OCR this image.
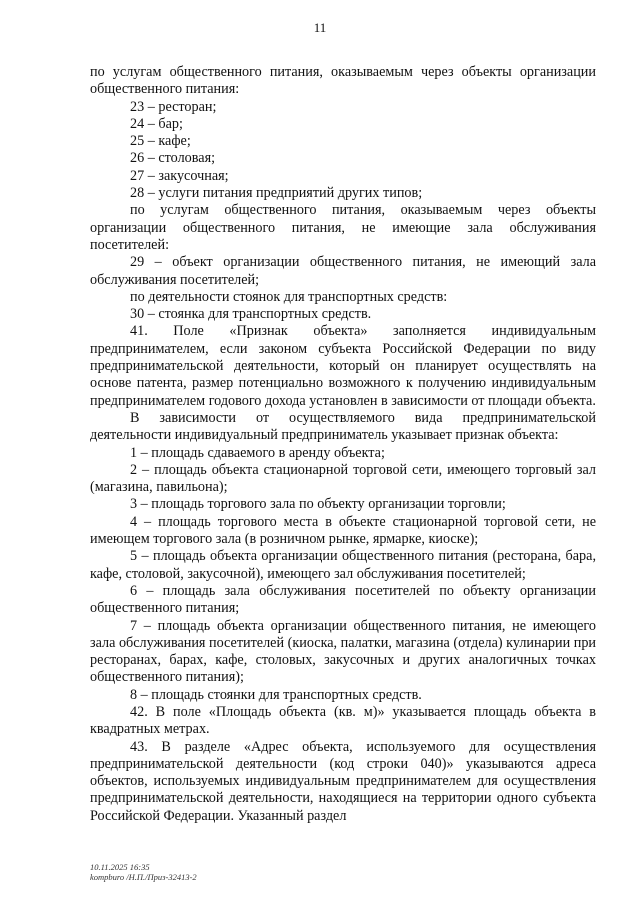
11

по услугам общественного питания, оказываемым через объекты организации общественного питания:

23 – ресторан;

24 – бар;

25 – кафе;

26 – столовая;

27 – закусочная;

28 – услуги питания предприятий других типов;

по услугам общественного питания, оказываемым через объекты организации общественного питания, не имеющие зала обслуживания посетителей:

29 – объект организации общественного питания, не имеющий зала обслуживания посетителей;

по деятельности стоянок для транспортных средств:

30 – стоянка для транспортных средств.

41. Поле «Признак объекта» заполняется индивидуальным предпринимателем, если законом субъекта Российской Федерации по виду предпринимательской деятельности, который он планирует осуществлять на основе патента, размер потенциально возможного к получению индивидуальным предпринимателем годового дохода установлен в зависимости от площади объекта.

В зависимости от осуществляемого вида предпринимательской деятельности индивидуальный предприниматель указывает признак объекта:

1 – площадь сдаваемого в аренду объекта;

2 – площадь объекта стационарной торговой сети, имеющего торговый зал (магазина, павильона);

3 – площадь торгового зала по объекту организации торговли;

4 – площадь торгового места в объекте стационарной торговой сети, не имеющем торгового зала (в розничном рынке, ярмарке, киоске);

5 – площадь объекта организации общественного питания (ресторана, бара, кафе, столовой, закусочной), имеющего зал обслуживания посетителей;

6 – площадь зала обслуживания посетителей по объекту организации общественного питания;

7 – площадь объекта организации общественного питания, не имеющего зала обслуживания посетителей (киоска, палатки, магазина (отдела) кулинарии при ресторанах, барах, кафе, столовых, закусочных и других аналогичных точках общественного питания);

8 – площадь стоянки для транспортных средств.

42. В поле «Площадь объекта (кв. м)» указывается площадь объекта в квадратных метрах.

43. В разделе «Адрес объекта, используемого для осуществления предпринимательской деятельности (код строки 040)» указываются адреса объектов, используемых индивидуальным предпринимателем для осуществления предпринимательской деятельности, находящиеся на территории одного субъекта Российской Федерации. Указанный раздел

10.11.2025 16:35
kompburo /Н.П./Приз-32413-2
